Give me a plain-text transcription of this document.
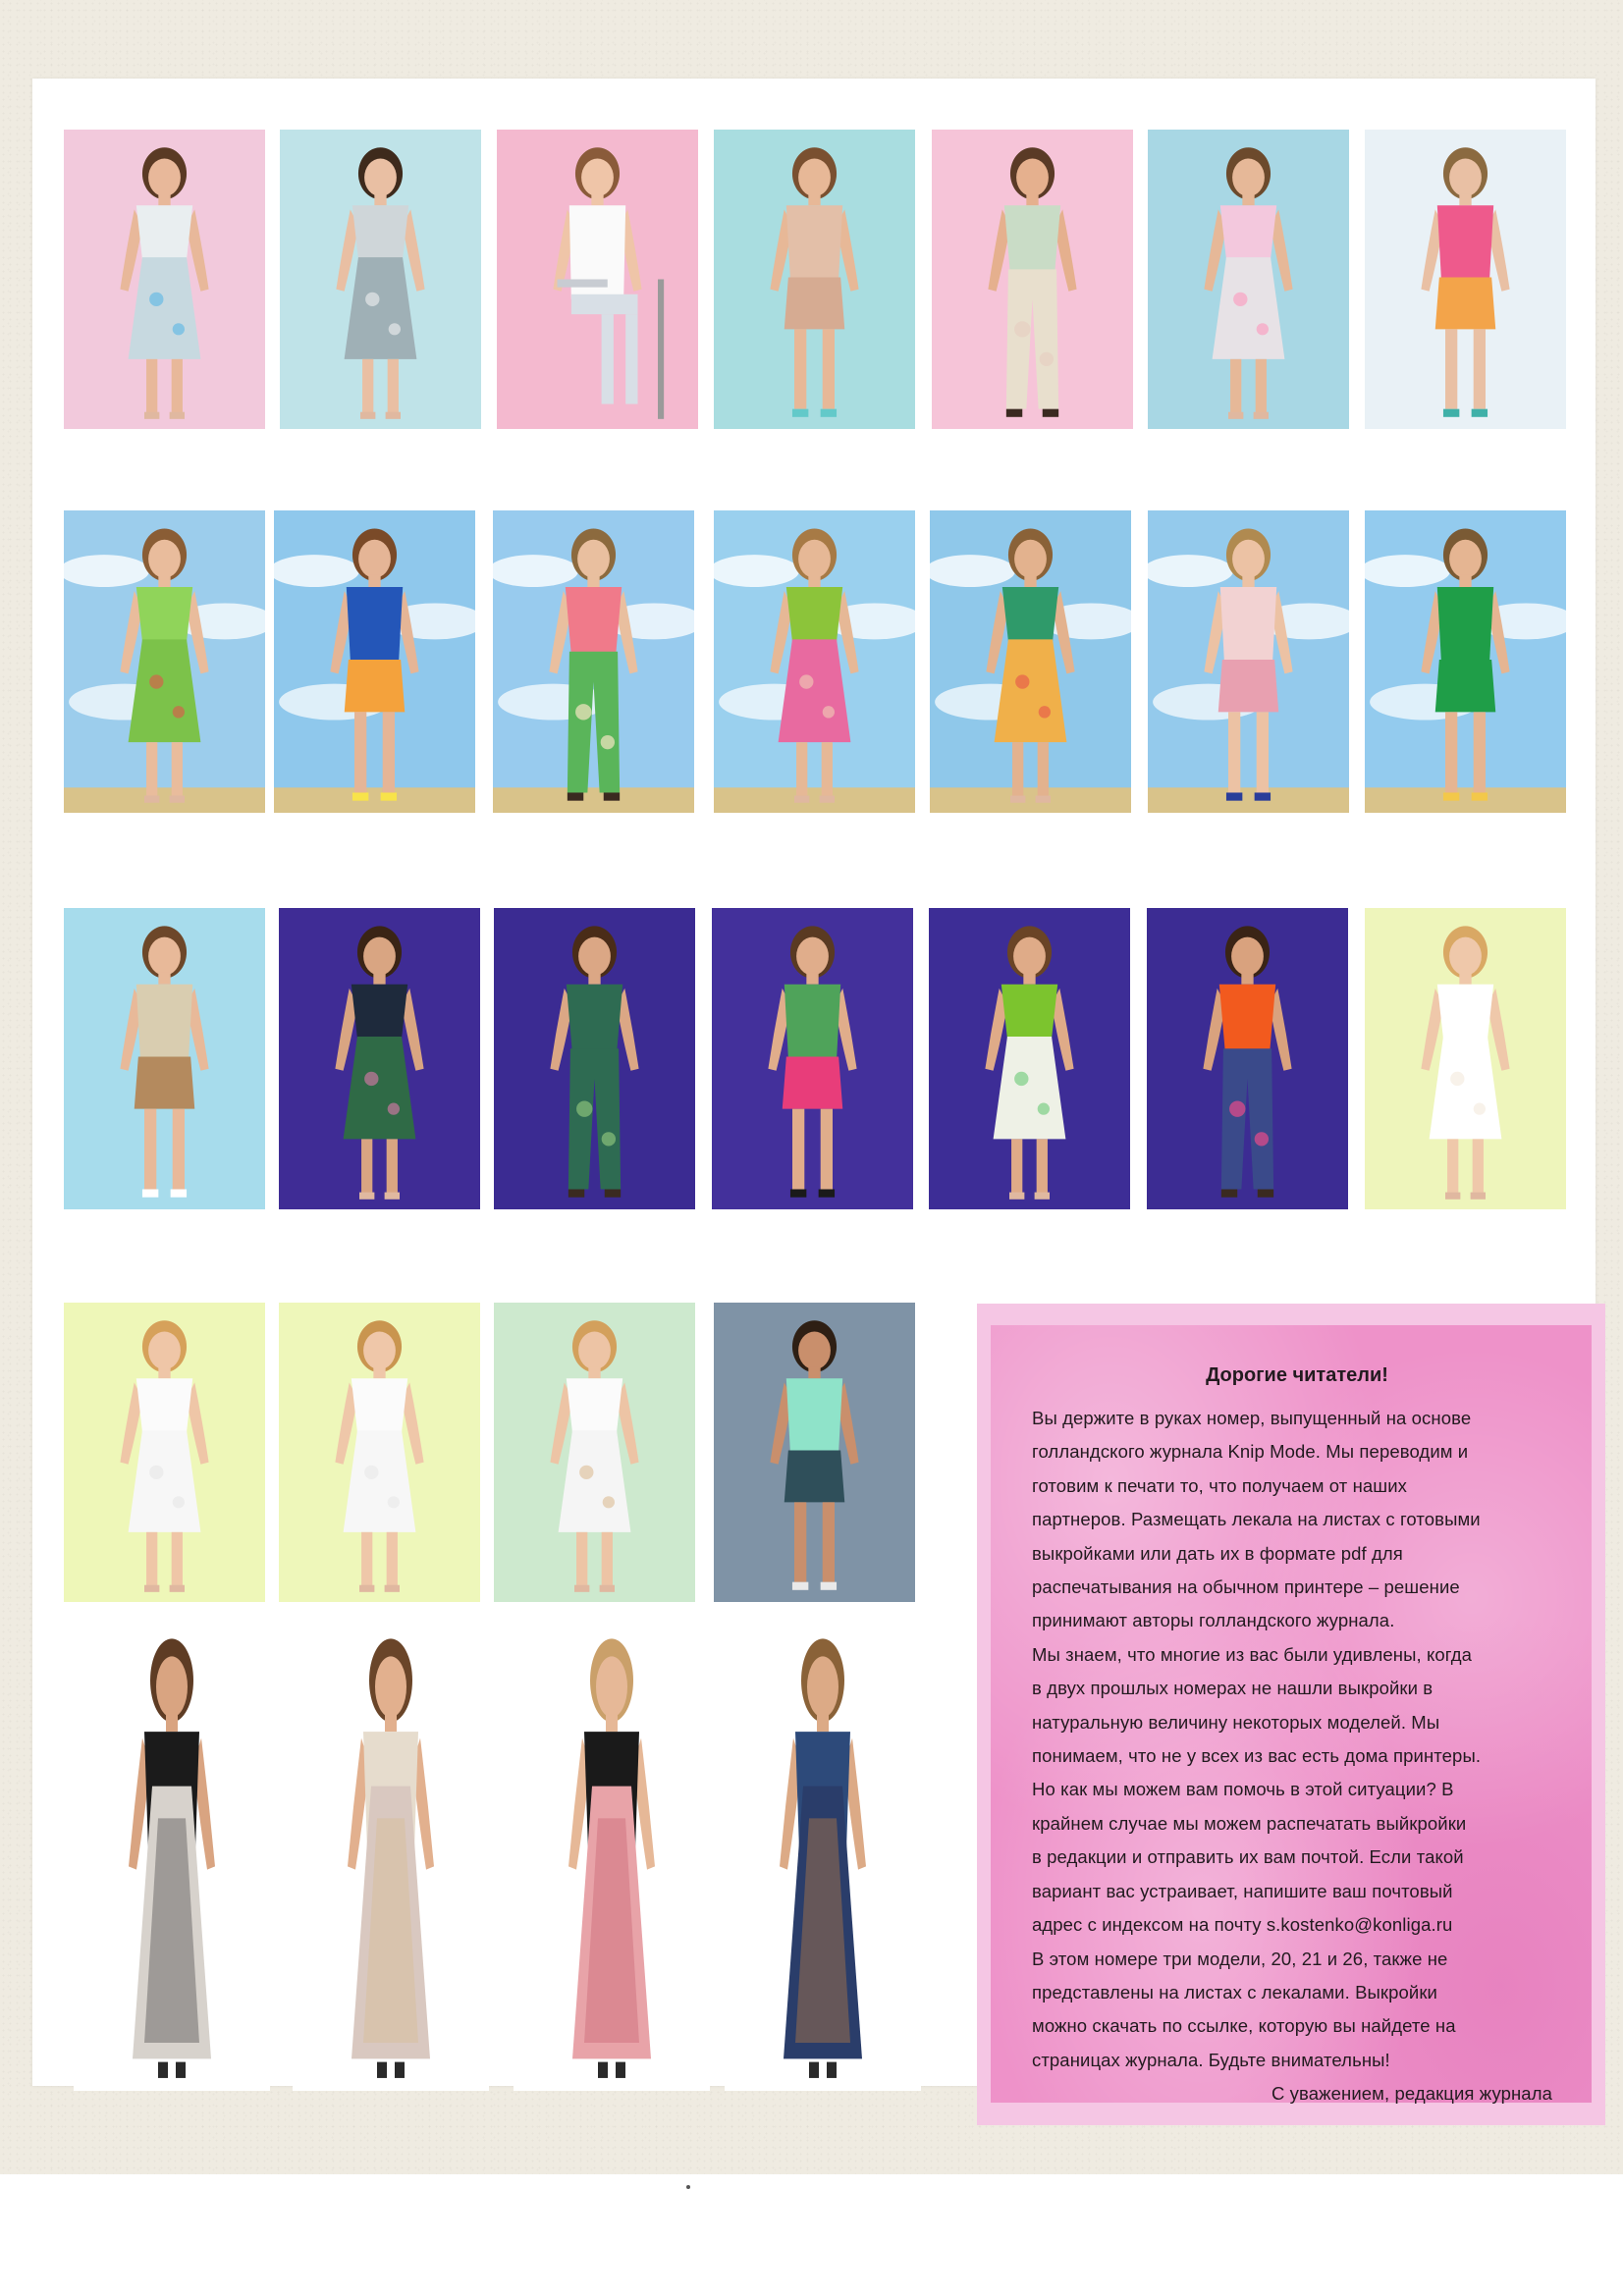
Дорогие читатели!
Вы держите в руках номер, выпущенный на основе
голландского журнала Knip Mode. Мы переводим и
готовим к печати то, что получаем от наших
партнеров. Размещать лекала на листах с готовыми
выкройками или дать их в формате pdf для
распечатывания на обычном принтере – решение
принимают авторы голландского журнала.
Мы знаем, что многие из вас были удивлены, когда
в двух прошлых номерах не нашли выкройки в
натуральную величину некоторых моделей. Мы
понимаем, что не у всех из вас есть дома принтеры.
Но как мы можем вам помочь в этой ситуации? В
крайнем случае мы можем распечатать выйкройки
в редакции и отправить их вам почтой. Если такой
вариант вас устраивает, напишите ваш почтовый
адрес с индексом на почту s.kostenko@konliga.ru
В этом номере три модели, 20, 21 и 26, также не
представлены на листах с лекалами. Выкройки
можно скачать по ссылке, которую вы найдете на
страницах журнала. Будьте внимательны!
С уважением, редакция журнала
